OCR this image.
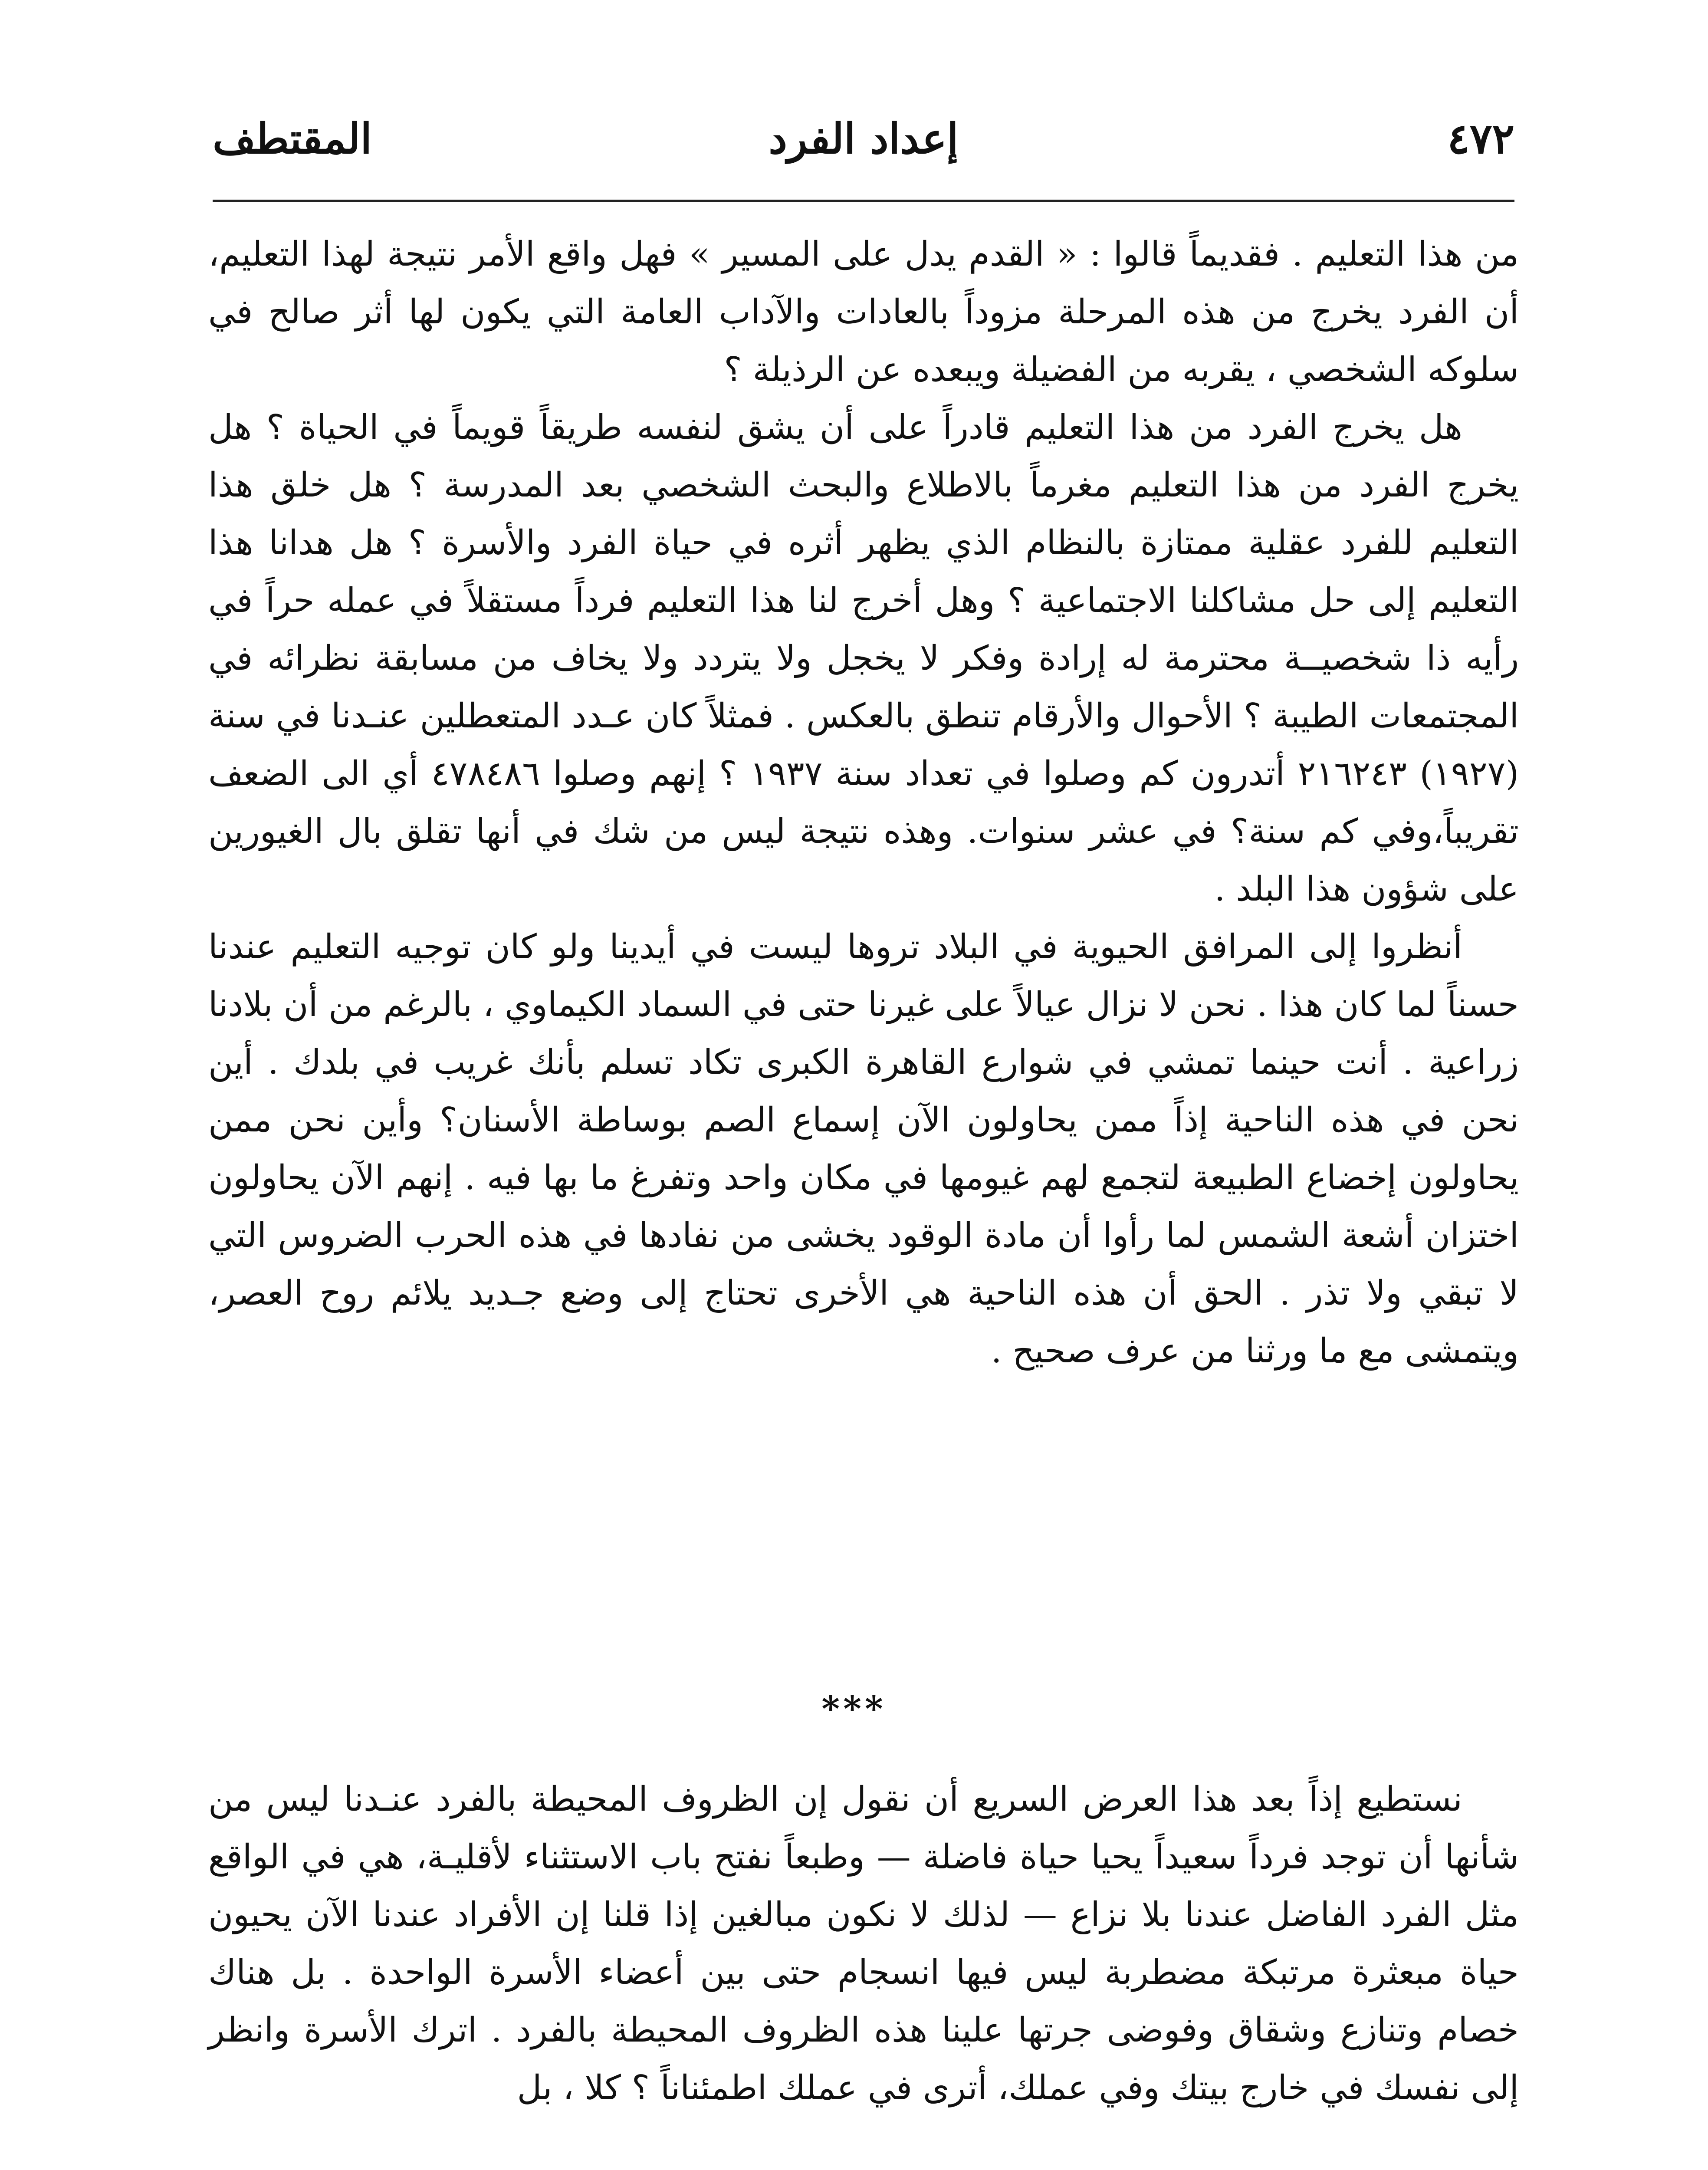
٤٧٢
إعداد الفرد
المقتطف

من هذا التعليم . فقديماً قالوا : « القدم يدل على المسير » فهل واقع الأمر نتيجة لهذا التعليم، أن الفرد يخرج من هذه المرحلة مزوداً بالعادات والآداب العامة التي يكون لها أثر صالح في سلوكه الشخصي ، يقربه من الفضيلة ويبعده عن الرذيلة ؟

هل يخرج الفرد من هذا التعليم قادراً على أن يشق لنفسه طريقاً قويماً في الحياة ؟ هل يخرج الفرد من هذا التعليم مغرماً بالاطلاع والبحث الشخصي بعد المدرسة ؟ هل خلق هذا التعليم للفرد عقلية ممتازة بالنظام الذي يظهر أثره في حياة الفرد والأسرة ؟ هل هدانا هذا التعليم إلى حل مشاكلنا الاجتماعية ؟ وهل أخرج لنا هذا التعليم فرداً مستقلاً في عمله حراً في رأيه ذا شخصيــة محترمة له إرادة وفكر لا يخجل ولا يتردد ولا يخاف من مسابقة نظرائه في المجتمعات الطيبة ؟ الأحوال والأرقام تنطق بالعكس . فمثلاً كان عـدد المتعطلين عنـدنا في سنة (١٩٢٧) ٢١٦٢٤٣ أتدرون كم وصلوا في تعداد سنة ١٩٣٧ ؟ إنهم وصلوا ٤٧٨٤٨٦ أي الى الضعف تقريباً،وفي كم سنة؟ في عشر سنوات. وهذه نتيجة ليس من شك في أنها تقلق بال الغيورين على شؤون هذا البلد .

أنظروا إلى المرافق الحيوية في البلاد تروها ليست في أيدينا ولو كان توجيه التعليم عندنا حسناً لما كان هذا . نحن لا نزال عيالاً على غيرنا حتى في السماد الكيماوي ، بالرغم من أن بلادنا زراعية . أنت حينما تمشي في شوارع القاهرة الكبرى تكاد تسلم بأنك غريب في بلدك . أين نحن في هذه الناحية إذاً ممن يحاولون الآن إسماع الصم بوساطة الأسنان؟ وأين نحن ممن يحاولون إخضاع الطبيعة لتجمع لهم غيومها في مكان واحد وتفرغ ما بها فيه . إنهم الآن يحاولون اختزان أشعة الشمس لما رأوا أن مادة الوقود يخشى من نفادها في هذه الحرب الضروس التي لا تبقي ولا تذر . الحق أن هذه الناحية هي الأخرى تحتاج إلى وضع جـديد يلائم روح العصر، ويتمشى مع ما ورثنا من عرف صحيح .

***

نستطيع إذاً بعد هذا العرض السريع أن نقول إن الظروف المحيطة بالفرد عنـدنا ليس من شأنها أن توجد فرداً سعيداً يحيا حياة فاضلة — وطبعاً نفتح باب الاستثناء لأقليـة، هي في الواقع مثل الفرد الفاضل عندنا بلا نزاع — لذلك لا نكون مبالغين إذا قلنا إن الأفراد عندنا الآن يحيون حياة مبعثرة مرتبكة مضطربة ليس فيها انسجام حتى بين أعضاء الأسرة الواحدة . بل هناك خصام وتنازع وشقاق وفوضى جرتها علينا هذه الظروف المحيطة بالفرد . اترك الأسرة وانظر إلى نفسك في خارج بيتك وفي عملك، أترى في عملك اطمئناناً ؟ كلا ، بل
